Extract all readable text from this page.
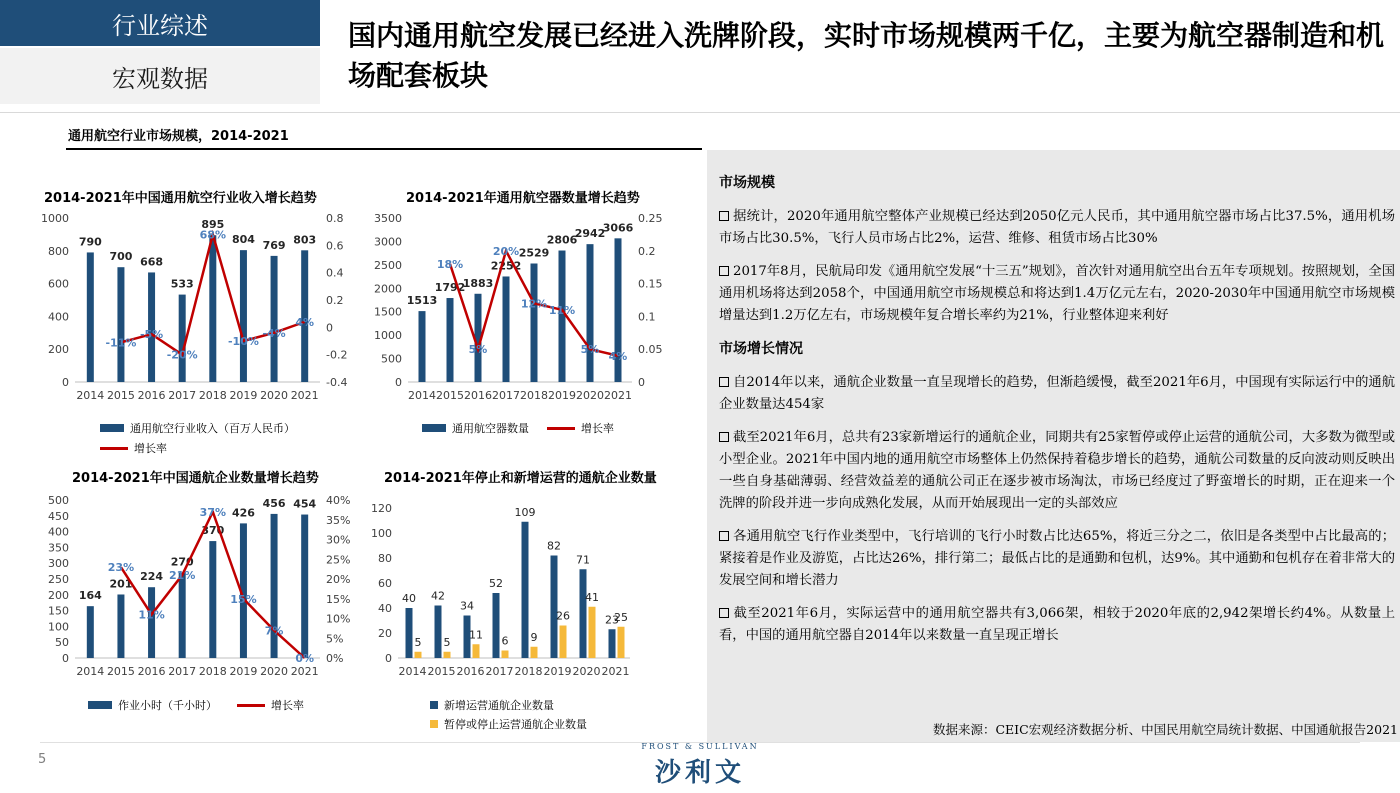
行业综述
宏观数据
国内通用航空发展已经进入洗牌阶段，实时市场规模两千亿，主要为航空器制造和机场配套板块
通用航空行业市场规模，2014-2021
2014-2021年中国通用航空行业收入增长趋势
0
200
400
600
800
1000
-0.4
-0.2
0
0.2
0.4
0.6
0.8
790
2014
700
2015
668
2016
533
2017
895
2018
804
2019
769
2020
803
2021
-11%
-5%
-20%
68%
-10%
-4%
4%
通用航空行业收入（百万人民币）
增长率
2014-2021年通用航空器数量增长趋势
0
500
1000
1500
2000
2500
3000
3500
0
0.05
0.1
0.15
0.2
0.25
1513
2014
1792
2015
1883
2016
2252
2017
2529
2018
2806
2019
2942
2020
3066
2021
18%
5%
20%
12%
11%
5%
4%
通用航空器数量	增长率
2014-2021年中国通航企业数量增长趋势
0
50
100
150
200
250
300
350
400
450
500
0%
5%
10%
15%
20%
25%
30%
35%
40%
164
2014
201
2015
224
2016
270
2017
370
2018
426
2019
456
2020
454
2021
23%
11%
21%
37%
15%
7%
0%
作业小时（千小时）	增长率
2014-2021年停止和新增运营的通航企业数量
0
20
40
60
80
100
120
40
5
2014
42
5
2015
34
11
2016
52
6
2017
109
9
2018
82
26
2019
71
41
2020
23
25
2021
新增运营通航企业数量
暂停或停止运营通航企业数量
市场规模

据统计，2020年通用航空整体产业规模已经达到2050亿元人民币，其中通用航空器市场占比37.5%，通用机场市场占比30.5%，飞行人员市场占比2%，运营、维修、租赁市场占比30%

2017年8月，民航局印发《通用航空发展“十三五”规划》，首次针对通用航空出台五年专项规划。按照规划，全国通用机场将达到2058个，中国通用航空市场规模总和将达到1.4万亿元左右，2020-2030年中国通用航空市场规模增量达到1.2万亿左右，市场规模年复合增长率约为21%，行业整体迎来利好

市场增长情况

自2014年以来，通航企业数量一直呈现增长的趋势，但渐趋缓慢，截至2021年6月，中国现有实际运行中的通航企业数量达454家

截至2021年6月，总共有23家新增运行的通航企业，同期共有25家暂停或停止运营的通航公司，大多数为微型或小型企业。2021年中国内地的通用航空市场整体上仍然保持着稳步增长的趋势，通航公司数量的反向波动则反映出一些自身基础薄弱、经营效益差的通航公司正在逐步被市场淘汰，市场已经度过了野蛮增长的时期，正在迎来一个洗牌的阶段并进一步向成熟化发展，从而开始展现出一定的头部效应

各通用航空飞行作业类型中，飞行培训的飞行小时数占比达65%，将近三分之二，依旧是各类型中占比最高的；紧接着是作业及游览，占比达26%，排行第二；最低占比的是通勤和包机，达9%。其中通勤和包机存在着非常大的发展空间和增长潜力

截至2021年6月，实际运营中的通用航空器共有3,066架，相较于2020年底的2,942架增长约4%。从数量上看，中国的通用航空器自2014年以来数量一直呈现正增长

数据来源：CEIC宏观经济数据分析、中国民用航空局统计数据、中国通航报告2021
5
FROST & SULLIVAN
沙利文
